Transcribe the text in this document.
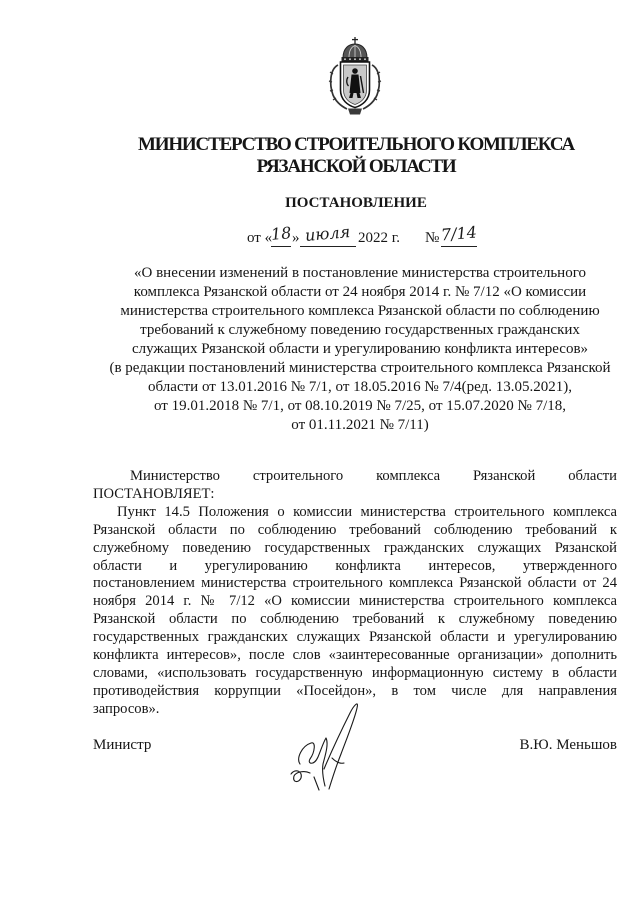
МИНИСТЕРСТВО СТРОИТЕЛЬНОГО КОМПЛЕКСА
РЯЗАНСКОЙ ОБЛАСТИ
ПОСТАНОВЛЕНИЕ
от «
18 » июля 2022 г. № 7/14
«О внесении изменений в постановление министерства строительного
комплекса Рязанской области от 24 ноября 2014 г. № 7/12 «О комиссии
министерства строительного комплекса Рязанской области по соблюдению
требований к служебному поведению государственных гражданских
служащих Рязанской области и урегулированию конфликта интересов»
(в редакции постановлений министерства строительного комплекса Рязанской
области от 13.01.2016 № 7/1, от 18.05.2016 № 7/4(ред. 13.05.2021),
от 19.01.2018 № 7/1, от 08.10.2019 № 7/25, от 15.07.2020 № 7/18,
от 01.11.2021 № 7/11)
Министерство строительного комплекса Рязанской области
ПОСТАНОВЛЯЕТ:
Пункт 14.5 Положения о комиссии министерства строительного комплекса
Рязанской области по соблюдению требований соблюдению требований к
служебному поведению государственных гражданских служащих Рязанской
области и урегулированию конфликта интересов, утвержденного
постановлением министерства строительного комплекса Рязанской области от 24
ноября 2014 г. № 7/12 «О комиссии министерства строительного комплекса
Рязанской области по соблюдению требований к служебному поведению
государственных гражданских служащих Рязанской области и урегулированию
конфликта интересов», после слов «заинтересованные организации» дополнить
словами, «использовать государственную информационную систему в области
противодействия коррупции «Посейдон», в том числе для направления
запросов».
Министр	В.Ю. Меньшов
